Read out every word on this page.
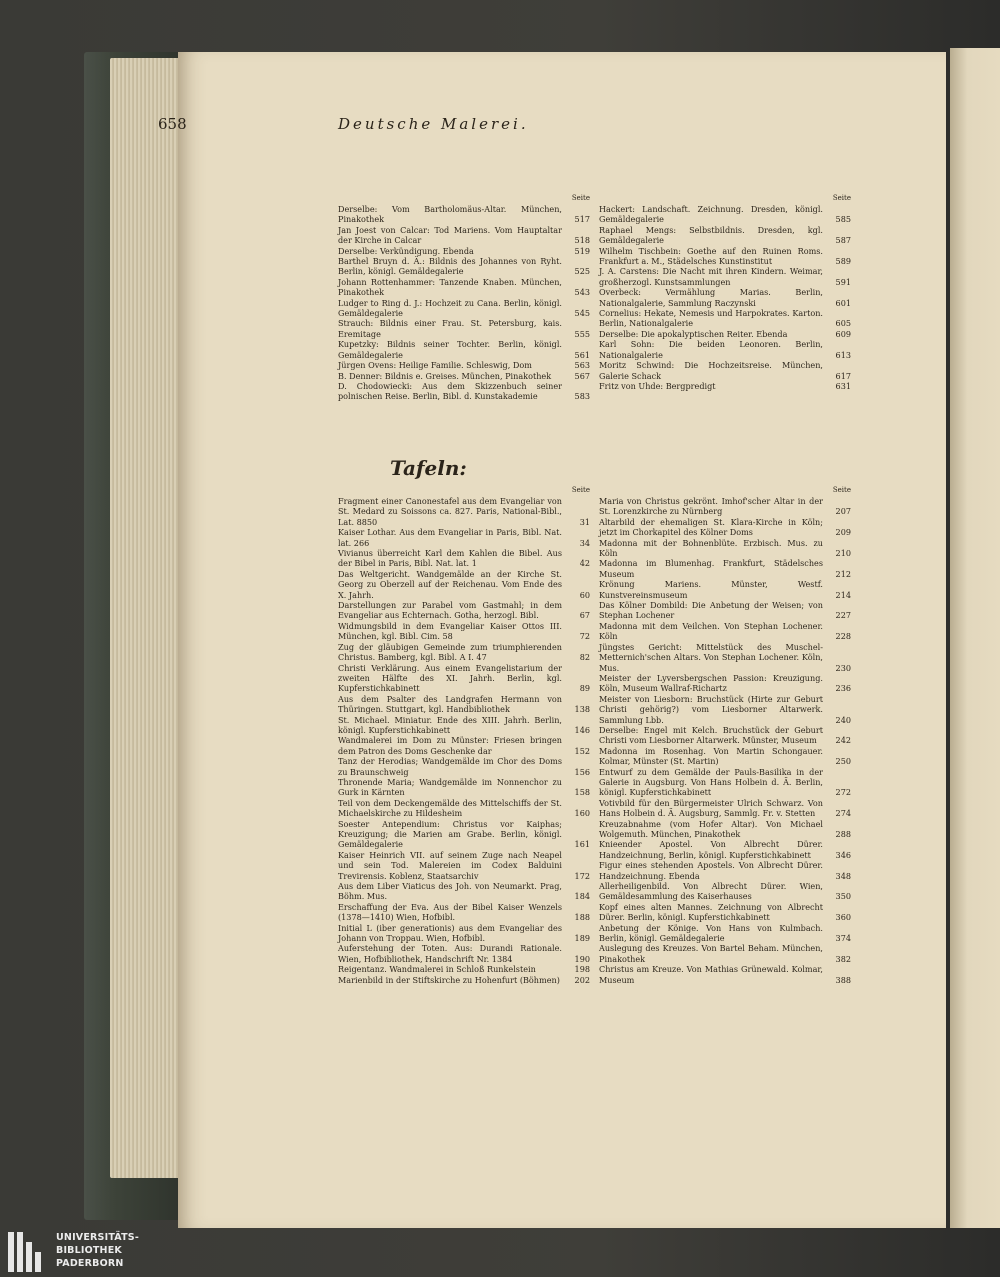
658	Deutsche Malerei.
Seite
Derselbe: Vom Bartholomäus-Altar. München, Pinakothek	517
Jan Joest von Calcar: Tod Mariens. Vom Hauptaltar der Kirche in Calcar	518
Derselbe: Verkündigung. Ebenda	519
Barthel Bruyn d. Ä.: Bildnis des Johannes von Ryht. Berlin, königl. Gemäldegalerie	525
Johann Rottenhammer: Tanzende Knaben. München, Pinakothek	543
Ludger to Ring d. J.: Hochzeit zu Cana. Berlin, königl. Gemäldegalerie	545
Strauch: Bildnis einer Frau. St. Petersburg, kais. Eremitage	555
Kupetzky: Bildnis seiner Tochter. Berlin, königl. Gemäldegalerie	561
Jürgen Ovens: Heilige Familie. Schleswig, Dom	563
B. Denner: Bildnis e. Greises. München, Pinakothek	567
D. Chodowiecki: Aus dem Skizzenbuch seiner polnischen Reise. Berlin, Bibl. d. Kunstakademie	583
Seite
Hackert: Landschaft. Zeichnung. Dresden, königl. Gemäldegalerie	585
Raphael Mengs: Selbstbildnis. Dresden, kgl. Gemäldegalerie	587
Wilhelm Tischbein: Goethe auf den Ruinen Roms. Frankfurt a. M., Städelsches Kunstinstitut	589
J. A. Carstens: Die Nacht mit ihren Kindern. Weimar, großherzogl. Kunstsammlungen	591
Overbeck: Vermählung Marias. Berlin, Nationalgalerie, Sammlung Raczynski	601
Cornelius: Hekate, Nemesis und Harpokrates. Karton. Berlin, Nationalgalerie	605
Derselbe: Die apokalyptischen Reiter. Ebenda	609
Karl Sohn: Die beiden Leonoren. Berlin, Nationalgalerie	613
Moritz Schwind: Die Hochzeitsreise. München, Galerie Schack	617
Fritz von Uhde: Bergpredigt	631
Tafeln:
Seite
Fragment einer Canonestafel aus dem Evangeliar von St. Medard zu Soissons ca. 827. Paris, National-Bibl., Lat. 8850	31
Kaiser Lothar. Aus dem Evangeliar in Paris, Bibl. Nat. lat. 266	34
Vivianus überreicht Karl dem Kahlen die Bibel. Aus der Bibel in Paris, Bibl. Nat. lat. 1	42
Das Weltgericht. Wandgemälde an der Kirche St. Georg zu Oberzell auf der Reichenau. Vom Ende des X. Jahrh.	60
Darstellungen zur Parabel vom Gastmahl; in dem Evangeliar aus Echternach. Gotha, herzogl. Bibl.	67
Widmungsbild in dem Evangeliar Kaiser Ottos III. München, kgl. Bibl. Cim. 58	72
Zug der gläubigen Gemeinde zum triumphierenden Christus. Bamberg, kgl. Bibl. A I. 47	82
Christi Verklärung. Aus einem Evangelistarium der zweiten Hälfte des XI. Jahrh. Berlin, kgl. Kupferstichkabinett	89
Aus dem Psalter des Landgrafen Hermann von Thüringen. Stuttgart, kgl. Handbibliothek	138
St. Michael. Miniatur. Ende des XIII. Jahrh. Berlin, königl. Kupferstichkabinett	146
Wandmalerei im Dom zu Münster: Friesen bringen dem Patron des Doms Geschenke dar	152
Tanz der Herodias; Wandgemälde im Chor des Doms zu Braunschweig	156
Thronende Maria; Wandgemälde im Nonnenchor zu Gurk in Kärnten	158
Teil von dem Deckengemälde des Mittelschiffs der St. Michaelskirche zu Hildesheim	160
Soester Antependium: Christus vor Kaiphas; Kreuzigung; die Marien am Grabe. Berlin, königl. Gemäldegalerie	161
Kaiser Heinrich VII. auf seinem Zuge nach Neapel und sein Tod. Malereien im Codex Balduini Trevirensis. Koblenz, Staatsarchiv	172
Aus dem Liber Viaticus des Joh. von Neumarkt. Prag, Böhm. Mus.	184
Erschaffung der Eva. Aus der Bibel Kaiser Wenzels (1378—1410) Wien, Hofbibl.	188
Initial L (iber generationis) aus dem Evangeliar des Johann von Troppau. Wien, Hofbibl.	189
Auferstehung der Toten. Aus: Durandi Rationale. Wien, Hofbibliothek, Handschrift Nr. 1384	190
Reigentanz. Wandmalerei in Schloß Runkelstein	198
Marienbild in der Stiftskirche zu Hohenfurt (Böhmen)	202
Seite
Maria von Christus gekrönt. Imhof'scher Altar in der St. Lorenzkirche zu Nürnberg	207
Altarbild der ehemaligen St. Klara-Kirche in Köln; jetzt im Chorkapitel des Kölner Doms	209
Madonna mit der Bohnenblüte. Erzbisch. Mus. zu Köln	210
Madonna im Blumenhag. Frankfurt, Städelsches Museum	212
Krönung Mariens. Münster, Westf. Kunstvereinsmuseum	214
Das Kölner Dombild: Die Anbetung der Weisen; von Stephan Lochener	227
Madonna mit dem Veilchen. Von Stephan Lochener. Köln	228
Jüngstes Gericht: Mittelstück des Muschel-Metternich'schen Altars. Von Stephan Lochener. Köln, Mus.	230
Meister der Lyversbergschen Passion: Kreuzigung. Köln, Museum Wallraf-Richartz	236
Meister von Liesborn: Bruchstück (Hirte zur Geburt Christi gehörig?) vom Liesborner Altarwerk. Sammlung Lbb.	240
Derselbe: Engel mit Kelch. Bruchstück der Geburt Christi vom Liesborner Altarwerk. Münster, Museum	242
Madonna im Rosenhag. Von Martin Schongauer. Kolmar, Münster (St. Martin)	250
Entwurf zu dem Gemälde der Pauls-Basilika in der Galerie in Augsburg. Von Hans Holbein d. Ä. Berlin, königl. Kupferstichkabinett	272
Votivbild für den Bürgermeister Ulrich Schwarz. Von Hans Holbein d. Ä. Augsburg, Sammlg. Fr. v. Stetten	274
Kreuzabnahme (vom Hofer Altar). Von Michael Wolgemuth. München, Pinakothek	288
Knieender Apostel. Von Albrecht Dürer. Handzeichnung, Berlin, königl. Kupferstichkabinett	346
Figur eines stehenden Apostels. Von Albrecht Dürer. Handzeichnung. Ebenda	348
Allerheiligenbild. Von Albrecht Dürer. Wien, Gemäldesammlung des Kaiserhauses	350
Kopf eines alten Mannes. Zeichnung von Albrecht Dürer. Berlin, königl. Kupferstichkabinett	360
Anbetung der Könige. Von Hans von Kulmbach. Berlin, königl. Gemäldegalerie	374
Auslegung des Kreuzes. Von Bartel Beham. München, Pinakothek	382
Christus am Kreuze. Von Mathias Grünewald. Kolmar, Museum	388
UNIVERSITÄTS-
BIBLIOTHEK
PADERBORN
